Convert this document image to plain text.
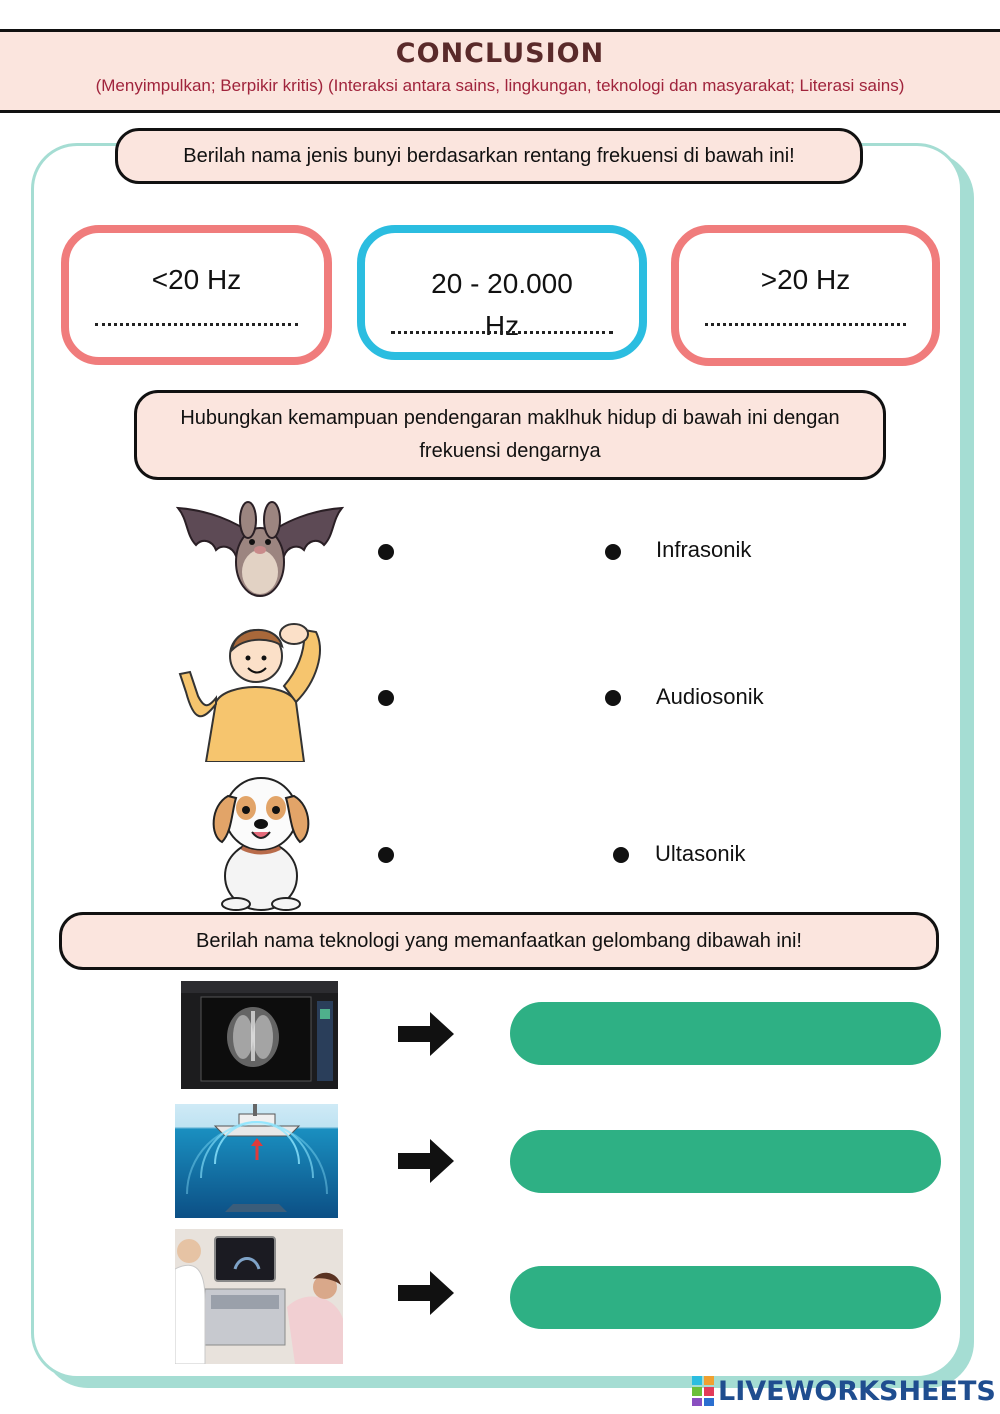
CONCLUSION
(Menyimpulkan; Berpikir kritis) (Interaksi antara sains, lingkungan, teknologi dan masyarakat; Literasi sains)
Berilah nama jenis bunyi berdasarkan rentang frekuensi di bawah ini!
<20 Hz	20 - 20.000 Hz
>20 Hz
Hubungkan kemampuan pendengaran maklhuk hidup di bawah ini dengan frekuensi dengarnya
Infrasonik
Audiosonik
Ultasonik
Berilah nama teknologi yang memanfaatkan gelombang dibawah ini!
LIVEWORKSHEETS
